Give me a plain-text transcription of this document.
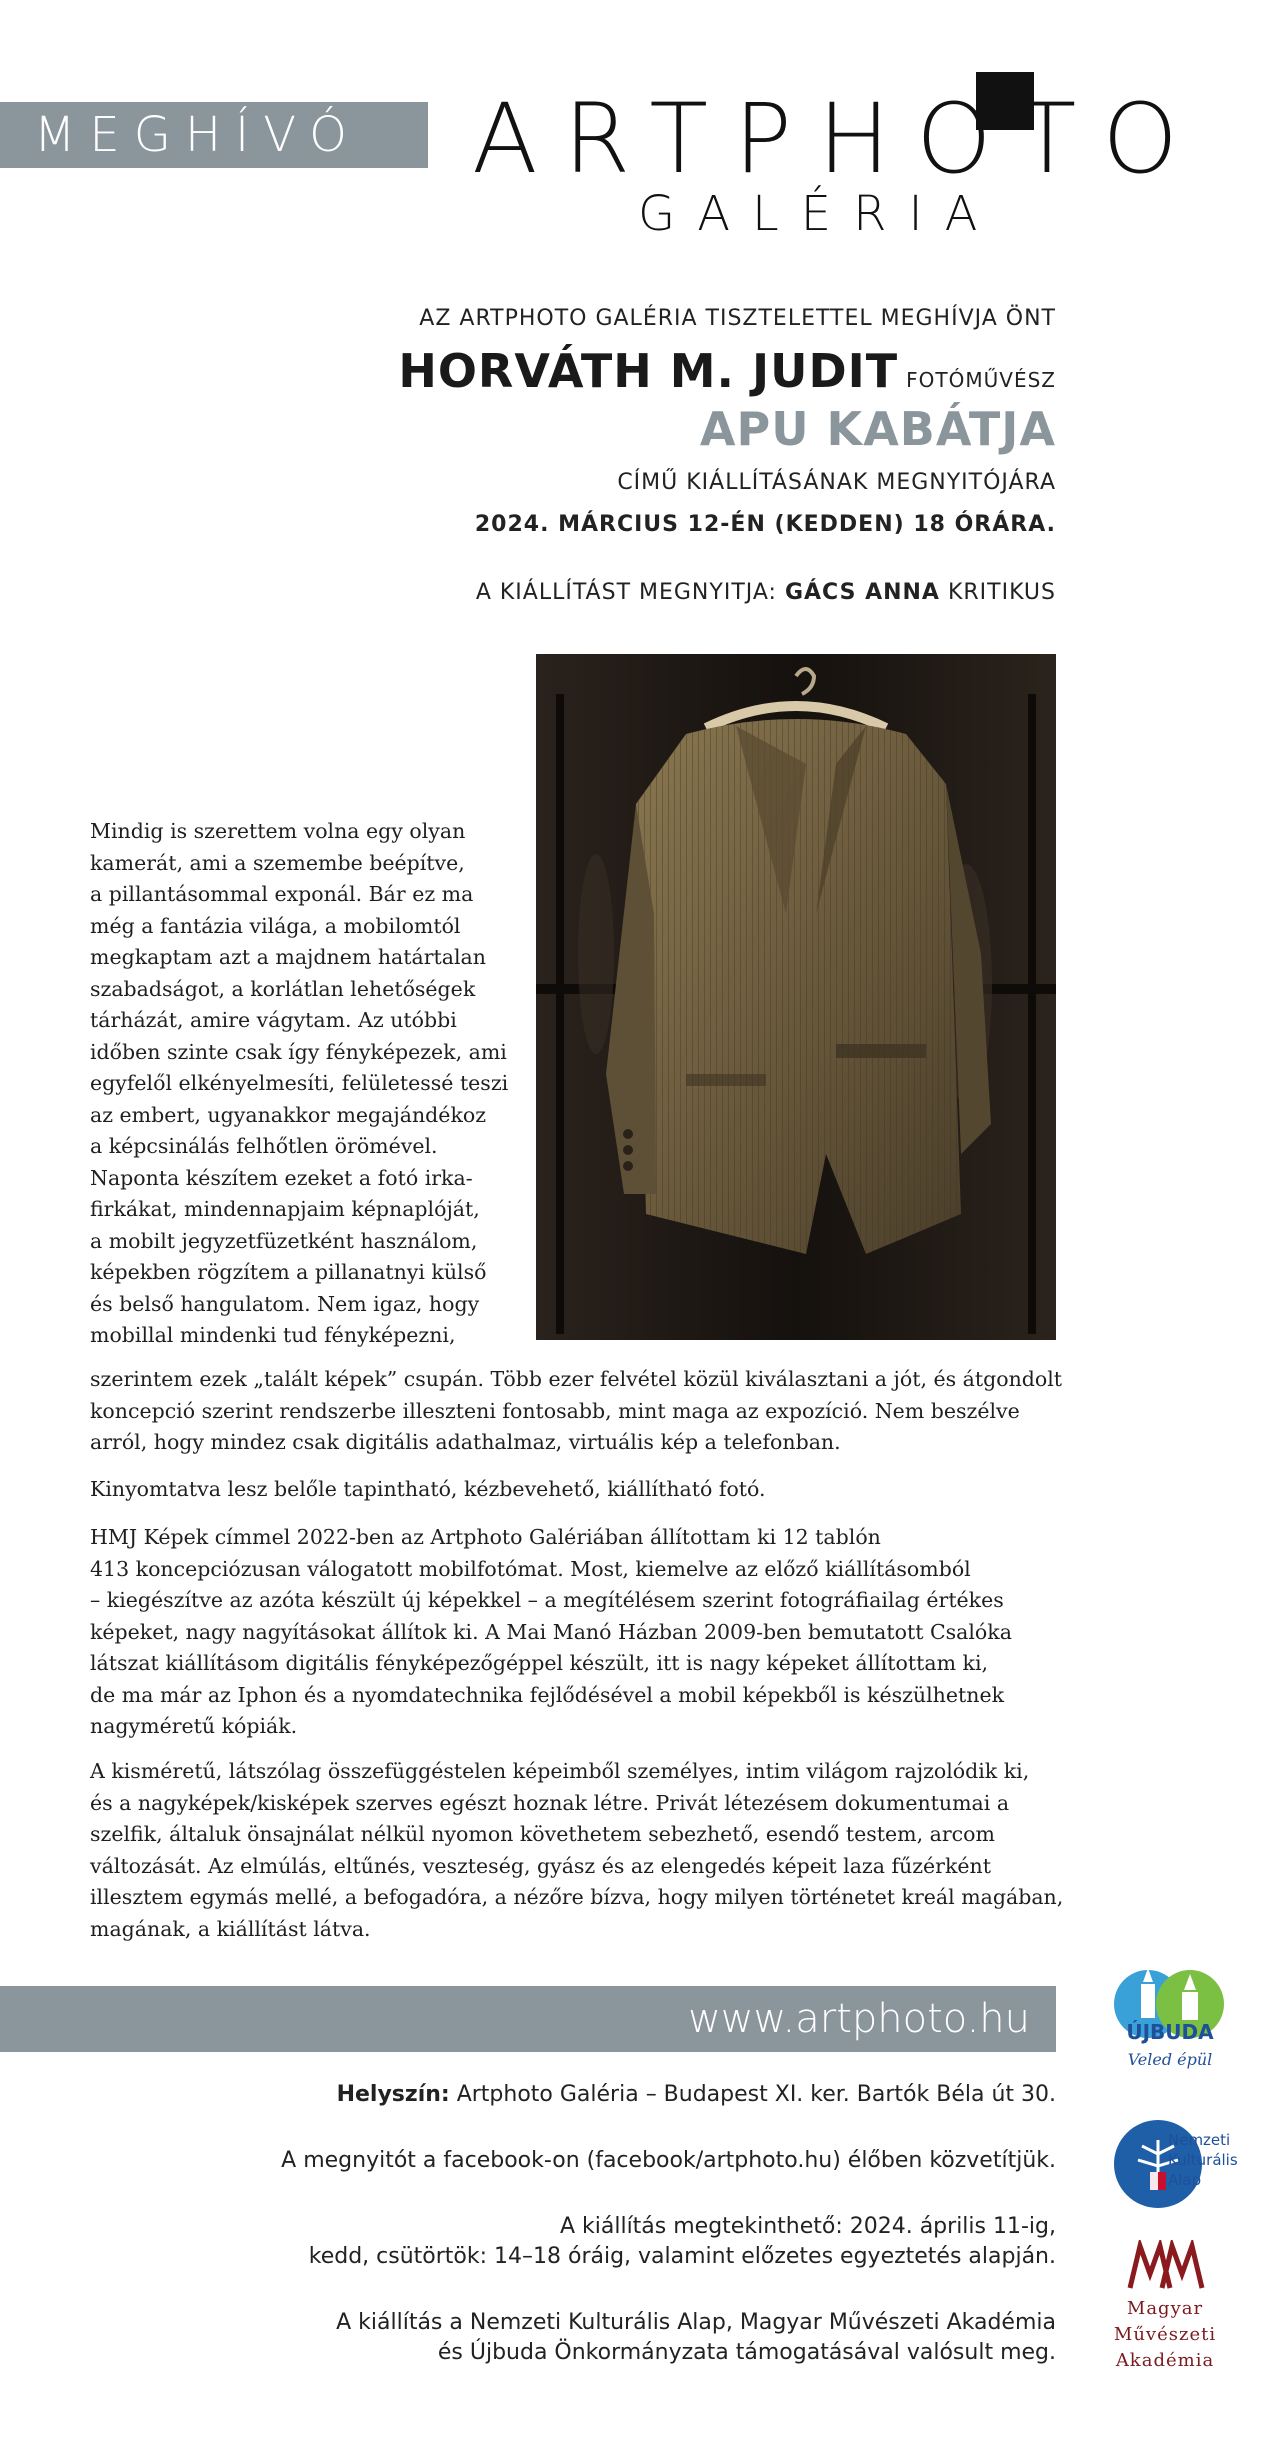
MEGHÍVÓ ARTPHOTO
GALÉRIA
AZ ARTPHOTO GALÉRIA TISZTELETTEL MEGHÍVJA ÖNT
HORVÁTH M. JUDIT FOTÓMŰVÉSZ
APU KABÁTJA
CÍMŰ KIÁLLÍTÁSÁNAK MEGNYITÓJÁRA
2024. MÁRCIUS 12-ÉN (KEDDEN) 18 ÓRÁRA.
A KIÁLLÍTÁST MEGNYITJA: GÁCS ANNA KRITIKUS
Mindig is szerettem volna egy olyan
kamerát, ami a szemembe beépítve,
a pillantásommal exponál. Bár ez ma
még a fantázia világa, a mobilomtól
megkaptam azt a majdnem határtalan
szabadságot, a korlátlan lehetőségek
tárházát, amire vágytam. Az utóbbi
időben szinte csak így fényképezek, ami
egyfelől elkényelmesíti, felületessé teszi
az embert, ugyanakkor megajándékoz
a képcsinálás felhőtlen örömével.
Naponta készítem ezeket a fotó irka-
firkákat, mindennapjaim képnaplóját,
a mobilt jegyzetfüzetként használom,
képekben rögzítem a pillanatnyi külső
és belső hangulatom. Nem igaz, hogy
mobillal mindenki tud fényképezni,
szerintem ezek „talált képek” csupán. Több ezer felvétel közül kiválasztani a jót, és átgondolt
koncepció szerint rendszerbe illeszteni fontosabb, mint maga az expozíció. Nem beszélve
arról, hogy mindez csak digitális adathalmaz, virtuális kép a telefonban.
Kinyomtatva lesz belőle tapintható, kézbevehető, kiállítható fotó.
HMJ Képek címmel 2022-ben az Artphoto Galériában állítottam ki 12 tablón
413 koncepciózusan válogatott mobilfotómat. Most, kiemelve az előző kiállításomból
– kiegészítve az azóta készült új képekkel – a megítélésem szerint fotográfiailag értékes
képeket, nagy nagyításokat állítok ki. A Mai Manó Házban 2009-ben bemutatott Csalóka
látszat kiállításom digitális fényképezőgéppel készült, itt is nagy képeket állítottam ki,
de ma már az Iphon és a nyomdatechnika fejlődésével a mobil képekből is készülhetnek
nagyméretű kópiák.
A kisméretű, látszólag összefüggéstelen képeimből személyes, intim világom rajzolódik ki,
és a nagyképek/kisképek szerves egészt hoznak létre. Privát létezésem dokumentumai a
szelfik, általuk önsajnálat nélkül nyomon követhetem sebezhető, esendő testem, arcom
változását. Az elmúlás, eltűnés, veszteség, gyász és az elengedés képeit laza fűzérként
illesztem egymás mellé, a befogadóra, a nézőre bízva, hogy milyen történetet kreál magában,
magának, a kiállítást látva.
www.artphoto.hu
Helyszín: Artphoto Galéria – Budapest XI. ker. Bartók Béla út 30.
A megnyitót a facebook-on (facebook/artphoto.hu) élőben közvetítjük.
A kiállítás megtekinthető: 2024. április 11-ig,
kedd, csütörtök: 14–18 óráig, valamint előzetes egyeztetés alapján.
A kiállítás a Nemzeti Kulturális Alap, Magyar Művészeti Akadémia
és Újbuda Önkormányzata támogatásával valósult meg.
ÚJBUDA
Veled épül
Nemzeti
Kulturális
Alap
Magyar
Művészeti
Akadémia
